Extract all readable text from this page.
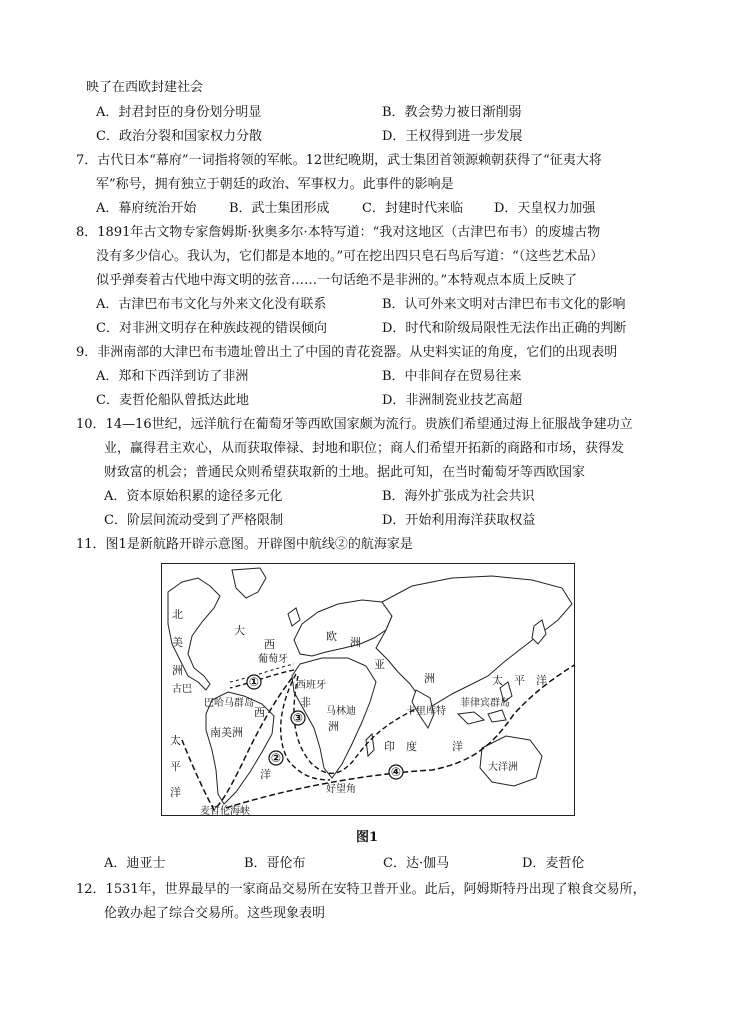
映了在西欧封建社会
A．封君封臣的身份划分明显	B．教会势力被日渐削弱
C．政治分裂和国家权力分散	D．王权得到进一步发展
7．古代日本“幕府”一词指将领的军帐。12世纪晚期，武士集团首领源赖朝获得了“征夷大将
军”称号，拥有独立于朝廷的政治、军事权力。此事件的影响是
A．幕府统治开始	B．武士集团形成 C．封建时代来临 D．天皇权力加强
8．1891年古文物专家詹姆斯·狄奥多尔·本特写道：“我对这地区（古津巴布韦）的废墟古物
没有多少信心。我认为，它们都是本地的。”可在挖出四只皂石鸟后写道：“（这些艺术品）
似乎弹奏着古代地中海文明的弦音……一句话绝不是非洲的。”本特观点本质上反映了
A．古津巴布韦文化与外来文化没有联系	B．认可外来文明对古津巴布韦文化的影响
C．对非洲文明存在种族歧视的错误倾向	D．时代和阶级局限性无法作出正确的判断
9．非洲南部的大津巴布韦遗址曾出土了中国的青花瓷器。从史料实证的角度，它们的出现表明
A．郑和下西洋到访了非洲	B．中非间存在贸易往来
C．麦哲伦船队曾抵达此地	D．非洲制瓷业技艺高超
10．14—16世纪，远洋航行在葡萄牙等西欧国家颇为流行。贵族们希望通过海上征服战争建功立
业，赢得君主欢心，从而获取俸禄、封地和职位；商人们希望开拓新的商路和市场，获得发
财致富的机会；普通民众则希望获取新的土地。据此可知，在当时葡萄牙等西欧国家
A．资本原始积累的途径多元化	B．海外扩张成为社会共识
C．阶层间流动受到了严格限制	D．开始利用海洋获取权益
11．图1是新航路开辟示意图。开辟图中航线②的航海家是
①
②
③
④
北
美
洲
大
西
欧 洲
葡萄牙
西班牙
亚
洲
古巴
巴哈马群岛
西
非
洲
马林迪
南美洲
洋
太
平
洋
麦哲伦海峡
好望角
印　度	洋
卡里库特
菲律宾群岛
太　平　洋
大洋洲
图1
A．迪亚士	B．哥伦布	C．达·伽马	D．麦哲伦
12．1531年，世界最早的一家商品交易所在安特卫普开业。此后，阿姆斯特丹出现了粮食交易所，
伦敦办起了综合交易所。这些现象表明
